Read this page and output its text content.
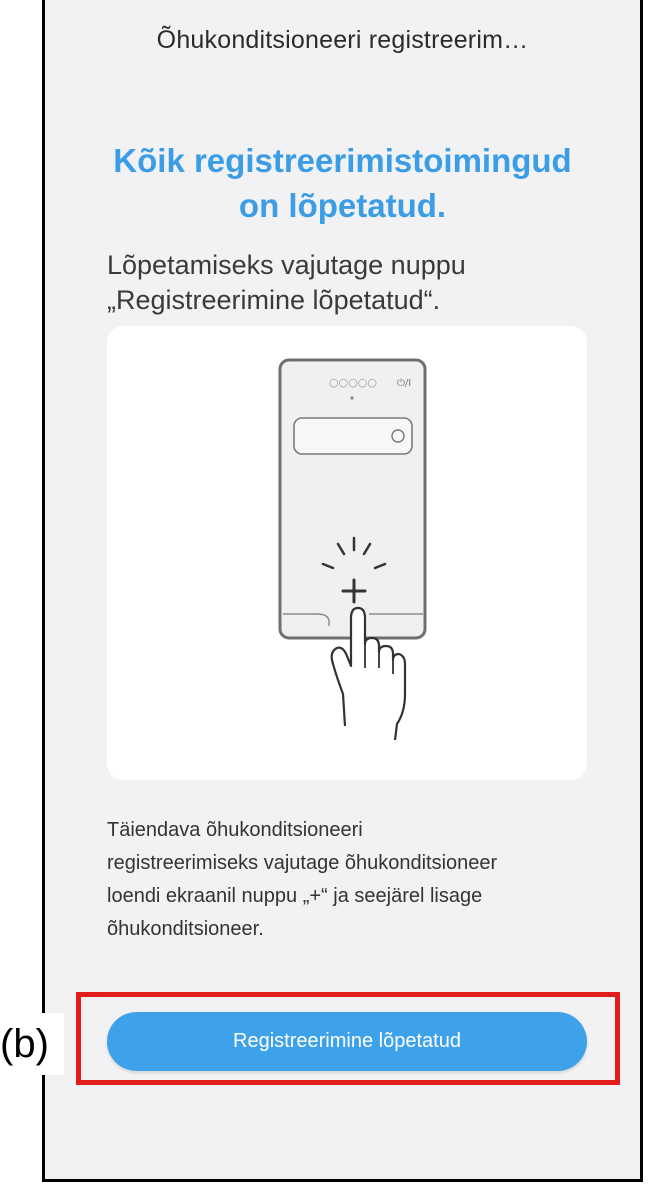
Õhukonditsioneeri registreerim…
Kõik registreerimistoimingud
on lõpetatud.
Lõpetamiseks vajutage nuppu
„Registreerimine lõpetatud“.
○○○○○ ⏻/I
Täiendava õhukonditsioneeri
registreerimiseks vajutage õhukonditsioneer
loendi ekraanil nuppu „+“ ja seejärel lisage
õhukonditsioneer.
Registreerimine lõpetatud
(b)
